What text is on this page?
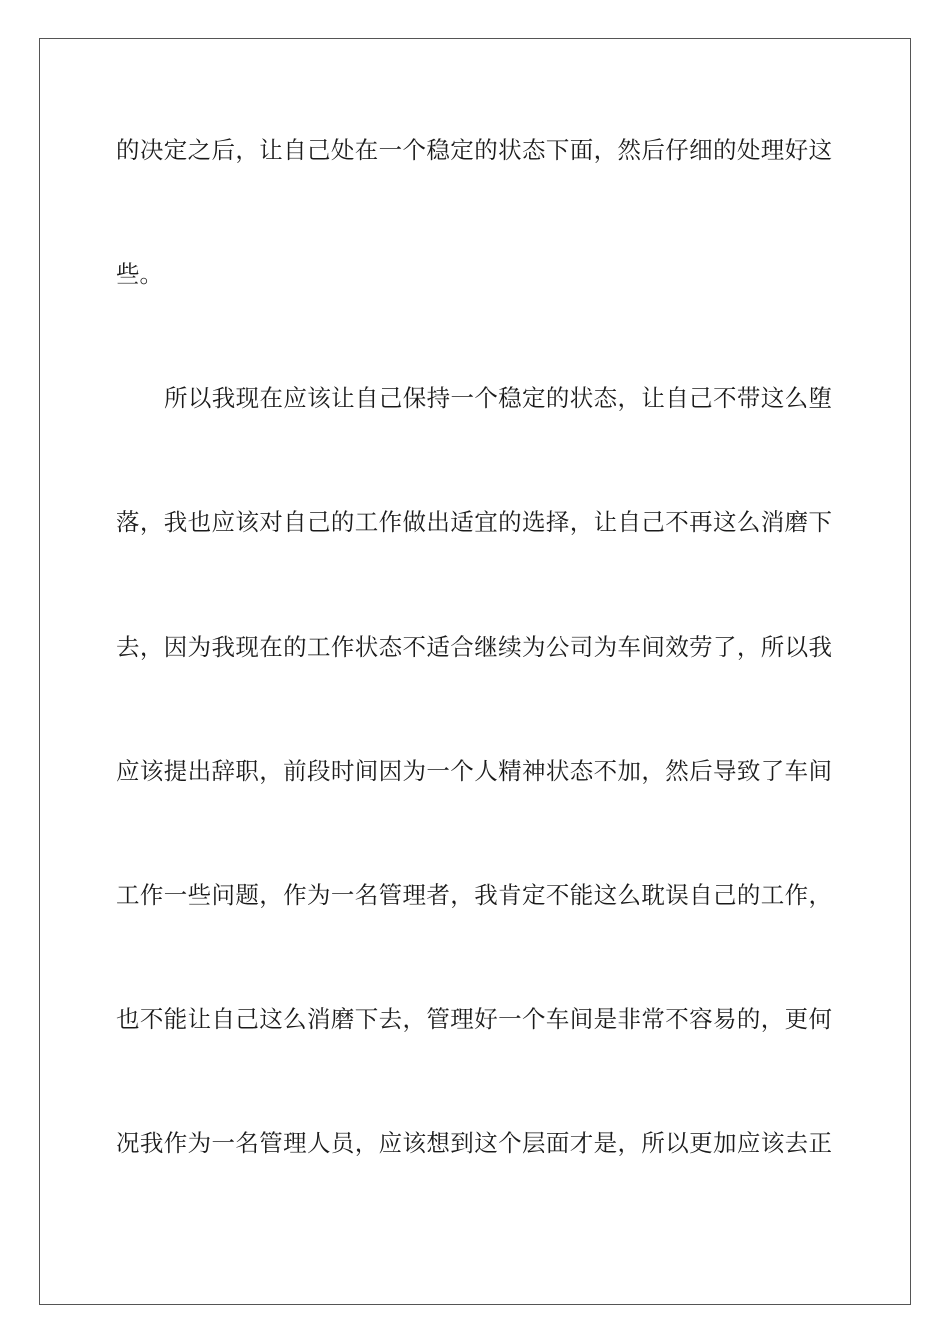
的决定之后，让自己处在一个稳定的状态下面，然后仔细的处理好这
些。
所以我现在应该让自己保持一个稳定的状态，让自己不带这么堕
落，我也应该对自己的工作做出适宜的选择，让自己不再这么消磨下
去，因为我现在的工作状态不适合继续为公司为车间效劳了，所以我
应该提出辞职，前段时间因为一个人精神状态不加，然后导致了车间
工作一些问题，作为一名管理者，我肯定不能这么耽误自己的工作，
也不能让自己这么消磨下去，管理好一个车间是非常不容易的，更何
况我作为一名管理人员，应该想到这个层面才是，所以更加应该去正
